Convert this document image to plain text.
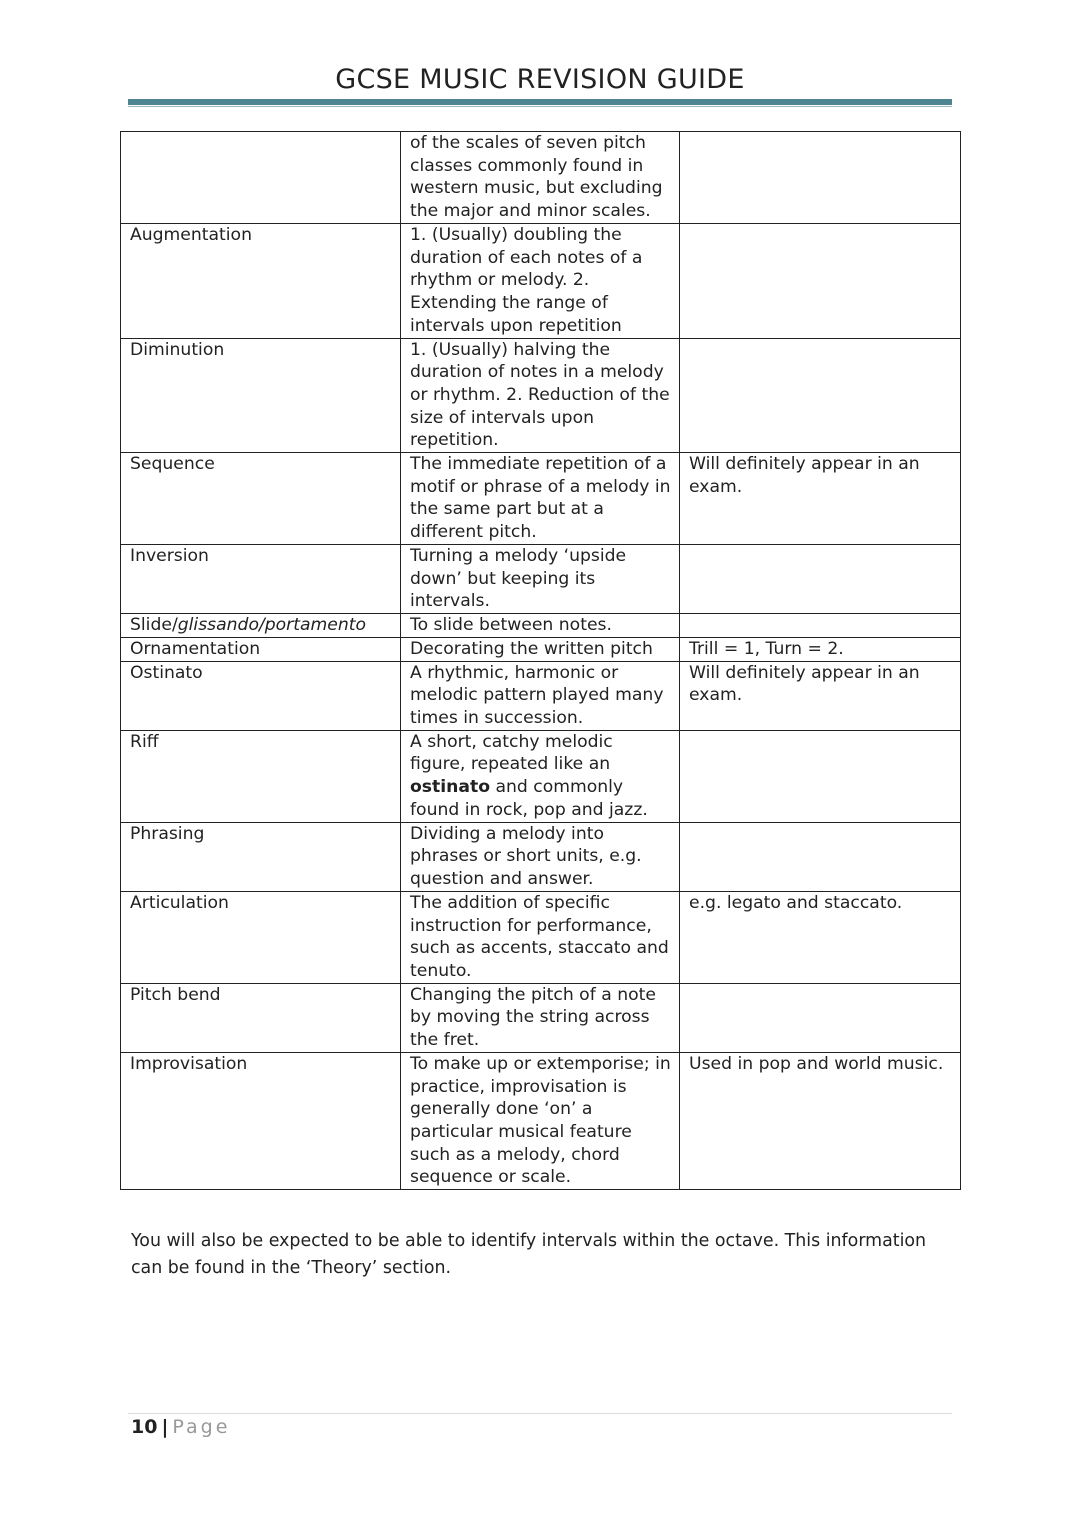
GCSE MUSIC REVISION GUIDE
	of the scales of seven pitch classes commonly found in western music, but excluding the major and minor scales.	
Augmentation	1. (Usually) doubling the duration of each notes of a rhythm or melody. 2. Extending the range of intervals upon repetition	
Diminution	1. (Usually) halving the duration of notes in a melody or rhythm. 2. Reduction of the size of intervals upon repetition.	
Sequence	The immediate repetition of a motif or phrase of a melody in the same part but at a different pitch.	Will definitely appear in an exam.
Inversion	Turning a melody ‘upside down’ but keeping its intervals.	
Slide/glissando/portamento	To slide between notes.	
Ornamentation	Decorating the written pitch	Trill = 1, Turn = 2.
Ostinato	A rhythmic, harmonic or melodic pattern played many times in succession.	Will definitely appear in an exam.
Riff	A short, catchy melodic figure, repeated like an ostinato and commonly found in rock, pop and jazz.	
Phrasing	Dividing a melody into phrases or short units, e.g. question and answer.	
Articulation	The addition of specific instruction for performance, such as accents, staccato and tenuto.	e.g. legato and staccato.
Pitch bend	Changing the pitch of a note by moving the string across the fret.	
Improvisation	To make up or extemporise; in practice, improvisation is generally done ‘on’ a particular musical feature such as a melody, chord sequence or scale.	Used in pop and world music.
You will also be expected to be able to identify intervals within the octave. This information can be found in the ‘Theory’ section.
10 | Page
